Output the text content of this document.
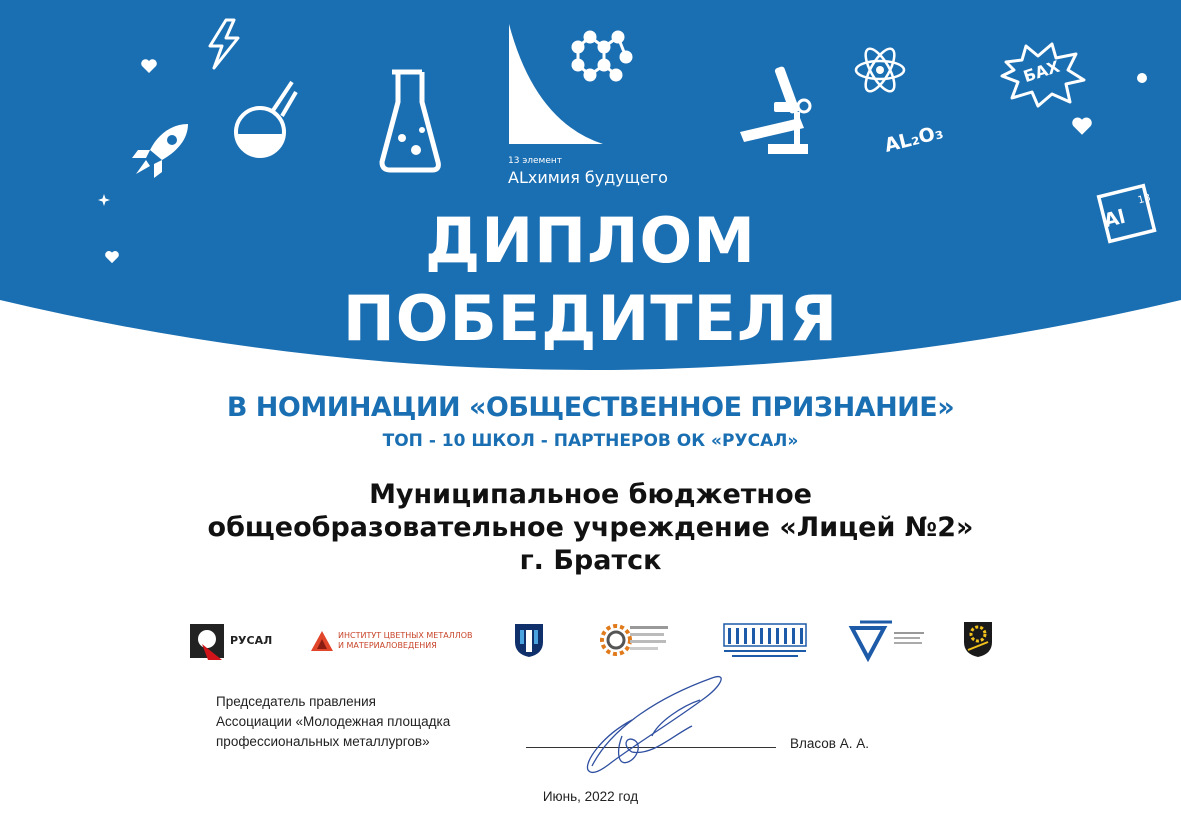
13 элемент
ALхимия будущего
AL₂O₃
БАХ
Al
13
ДИПЛОМ
ПОБЕДИТЕЛЯ
В НОМИНАЦИИ «ОБЩЕСТВЕННОЕ ПРИЗНАНИЕ»
ТОП - 10 ШКОЛ - ПАРТНЕРОВ ОК «РУСАЛ»
Муниципальное бюджетное
общеобразовательное учреждение «Лицей №2»
г. Братск
РУСАЛ	ИНСТИТУТ ЦВЕТНЫХ МЕТАЛЛОВ
И МАТЕРИАЛОВЕДЕНИЯ
Председатель правления
Ассоциации «Молодежная площадка
профессиональных металлургов»	Власов А. А.
Июнь, 2022 год
